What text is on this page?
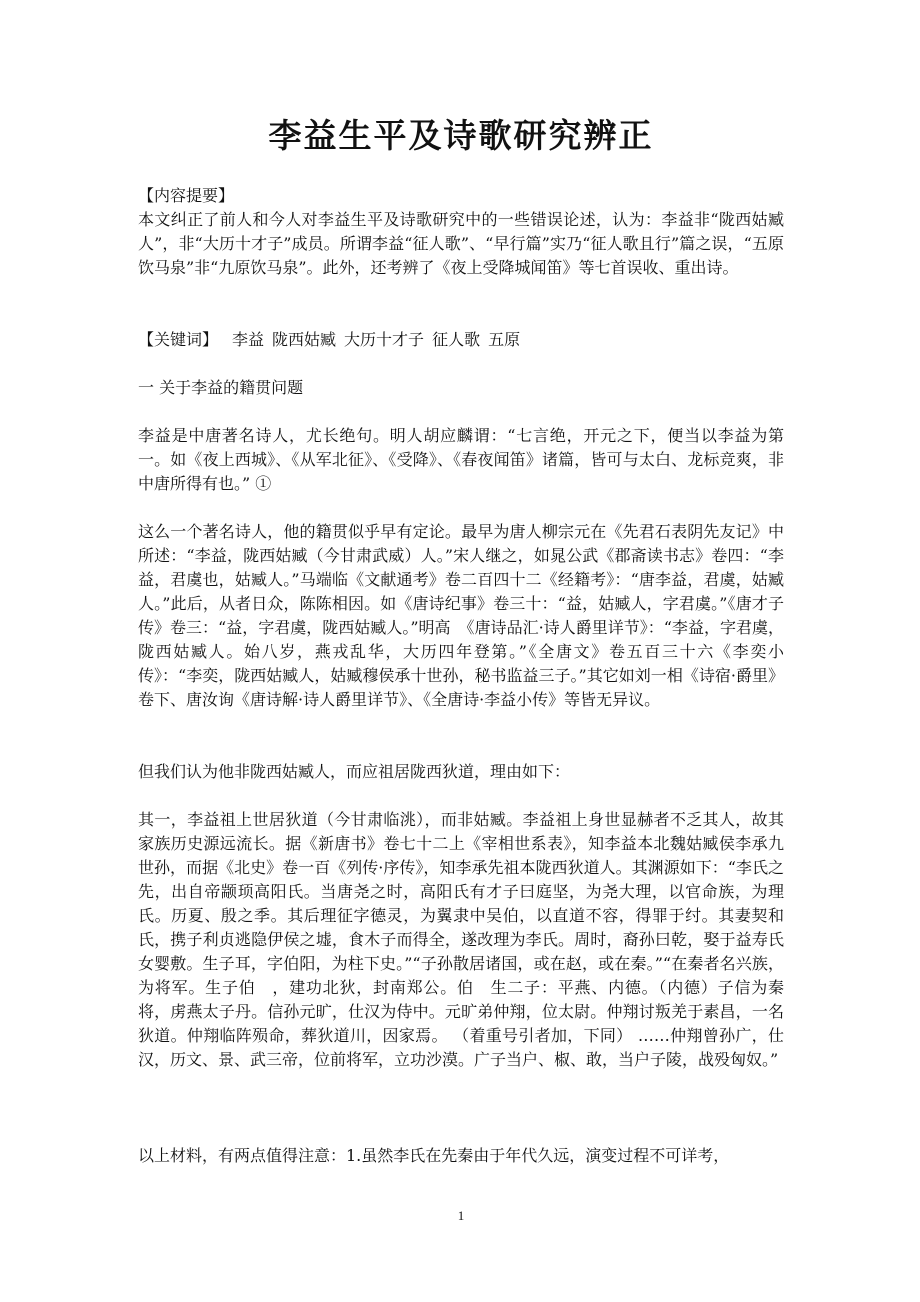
李益生平及诗歌研究辨正

【内容提要】

本文纠正了前人和今人对李益生平及诗歌研究中的一些错误论述，认为：李益非“陇西姑臧人”，非“大历十才子”成员。所谓李益“征人歌”、“早行篇”实乃“征人歌且行”篇之误，“五原饮马泉”非“九原饮马泉”。此外，还考辨了《夜上受降城闻笛》等七首误收、重出诗。

【关键词】 李益 陇西姑臧 大历十才子 征人歌 五原

一 关于李益的籍贯问题

李益是中唐著名诗人，尤长绝句。明人胡应麟谓：“七言绝，开元之下，便当以李益为第一。如《夜上西城》、《从军北征》、《受降》、《春夜闻笛》诸篇，皆可与太白、龙标竞爽，非中唐所得有也。” ①

这么一个著名诗人，他的籍贯似乎早有定论。最早为唐人柳宗元在《先君石表阴先友记》中所述：“李益，陇西姑臧（今甘肃武威）人。”宋人继之，如晁公武《郡斋读书志》卷四：“李益，君虞也，姑臧人。”马端临《文献通考》卷二百四十二《经籍考》：“唐李益，君虞，姑臧人。”此后，从者日众，陈陈相因。如《唐诗纪事》卷三十：“益，姑臧人，字君虞。”《唐才子传》卷三：“益，字君虞，陇西姑臧人。”明高　《唐诗品汇·诗人爵里详节》：“李益，字君虞，陇西姑臧人。始八岁，燕戎乱华，大历四年登第。”《全唐文》卷五百三十六《李奕小传》：“李奕，陇西姑臧人，姑臧穆侯承十世孙，秘书监益三子。”其它如刘一相《诗宿·爵里》卷下、唐汝询《唐诗解·诗人爵里详节》、《全唐诗·李益小传》等皆无异议。

但我们认为他非陇西姑臧人，而应祖居陇西狄道，理由如下：

其一，李益祖上世居狄道（今甘肃临洮），而非姑臧。李益祖上身世显赫者不乏其人，故其家族历史源远流长。据《新唐书》卷七十二上《宰相世系表》，知李益本北魏姑臧侯李承九世孙，而据《北史》卷一百《列传·序传》，知李承先祖本陇西狄道人。其渊源如下：“李氏之先，出自帝颛顼高阳氏。当唐尧之时，高阳氏有才子曰庭坚，为尧大理，以官命族，为理氏。历夏、殷之季。其后理征字德灵，为翼隶中吴伯，以直道不容，得罪于纣。其妻契和氏，携子利贞逃隐伊侯之墟，食木子而得全，遂改理为李氏。周时，裔孙曰乾，娶于益寿氏女婴敷。生子耳，字伯阳，为柱下史。”“子孙散居诸国，或在赵，或在秦。”“在秦者名兴族，为将军。生子伯　，建功北狄，封南郑公。伯　生二子：平燕、内德。（内德）子信为秦将，虏燕太子丹。信孙元旷，仕汉为侍中。元旷弟仲翔，位太尉。仲翔讨叛羌于素昌，一名狄道。仲翔临阵殒命，葬狄道川，因家焉。 （着重号引者加，下同） ……仲翔曾孙广，仕汉，历文、景、武三帝，位前将军，立功沙漠。广子当户、椒、敢，当户子陵，战殁匈奴。”

以上材料，有两点值得注意：1.虽然李氏在先秦由于年代久远，演变过程不可详考，

1
